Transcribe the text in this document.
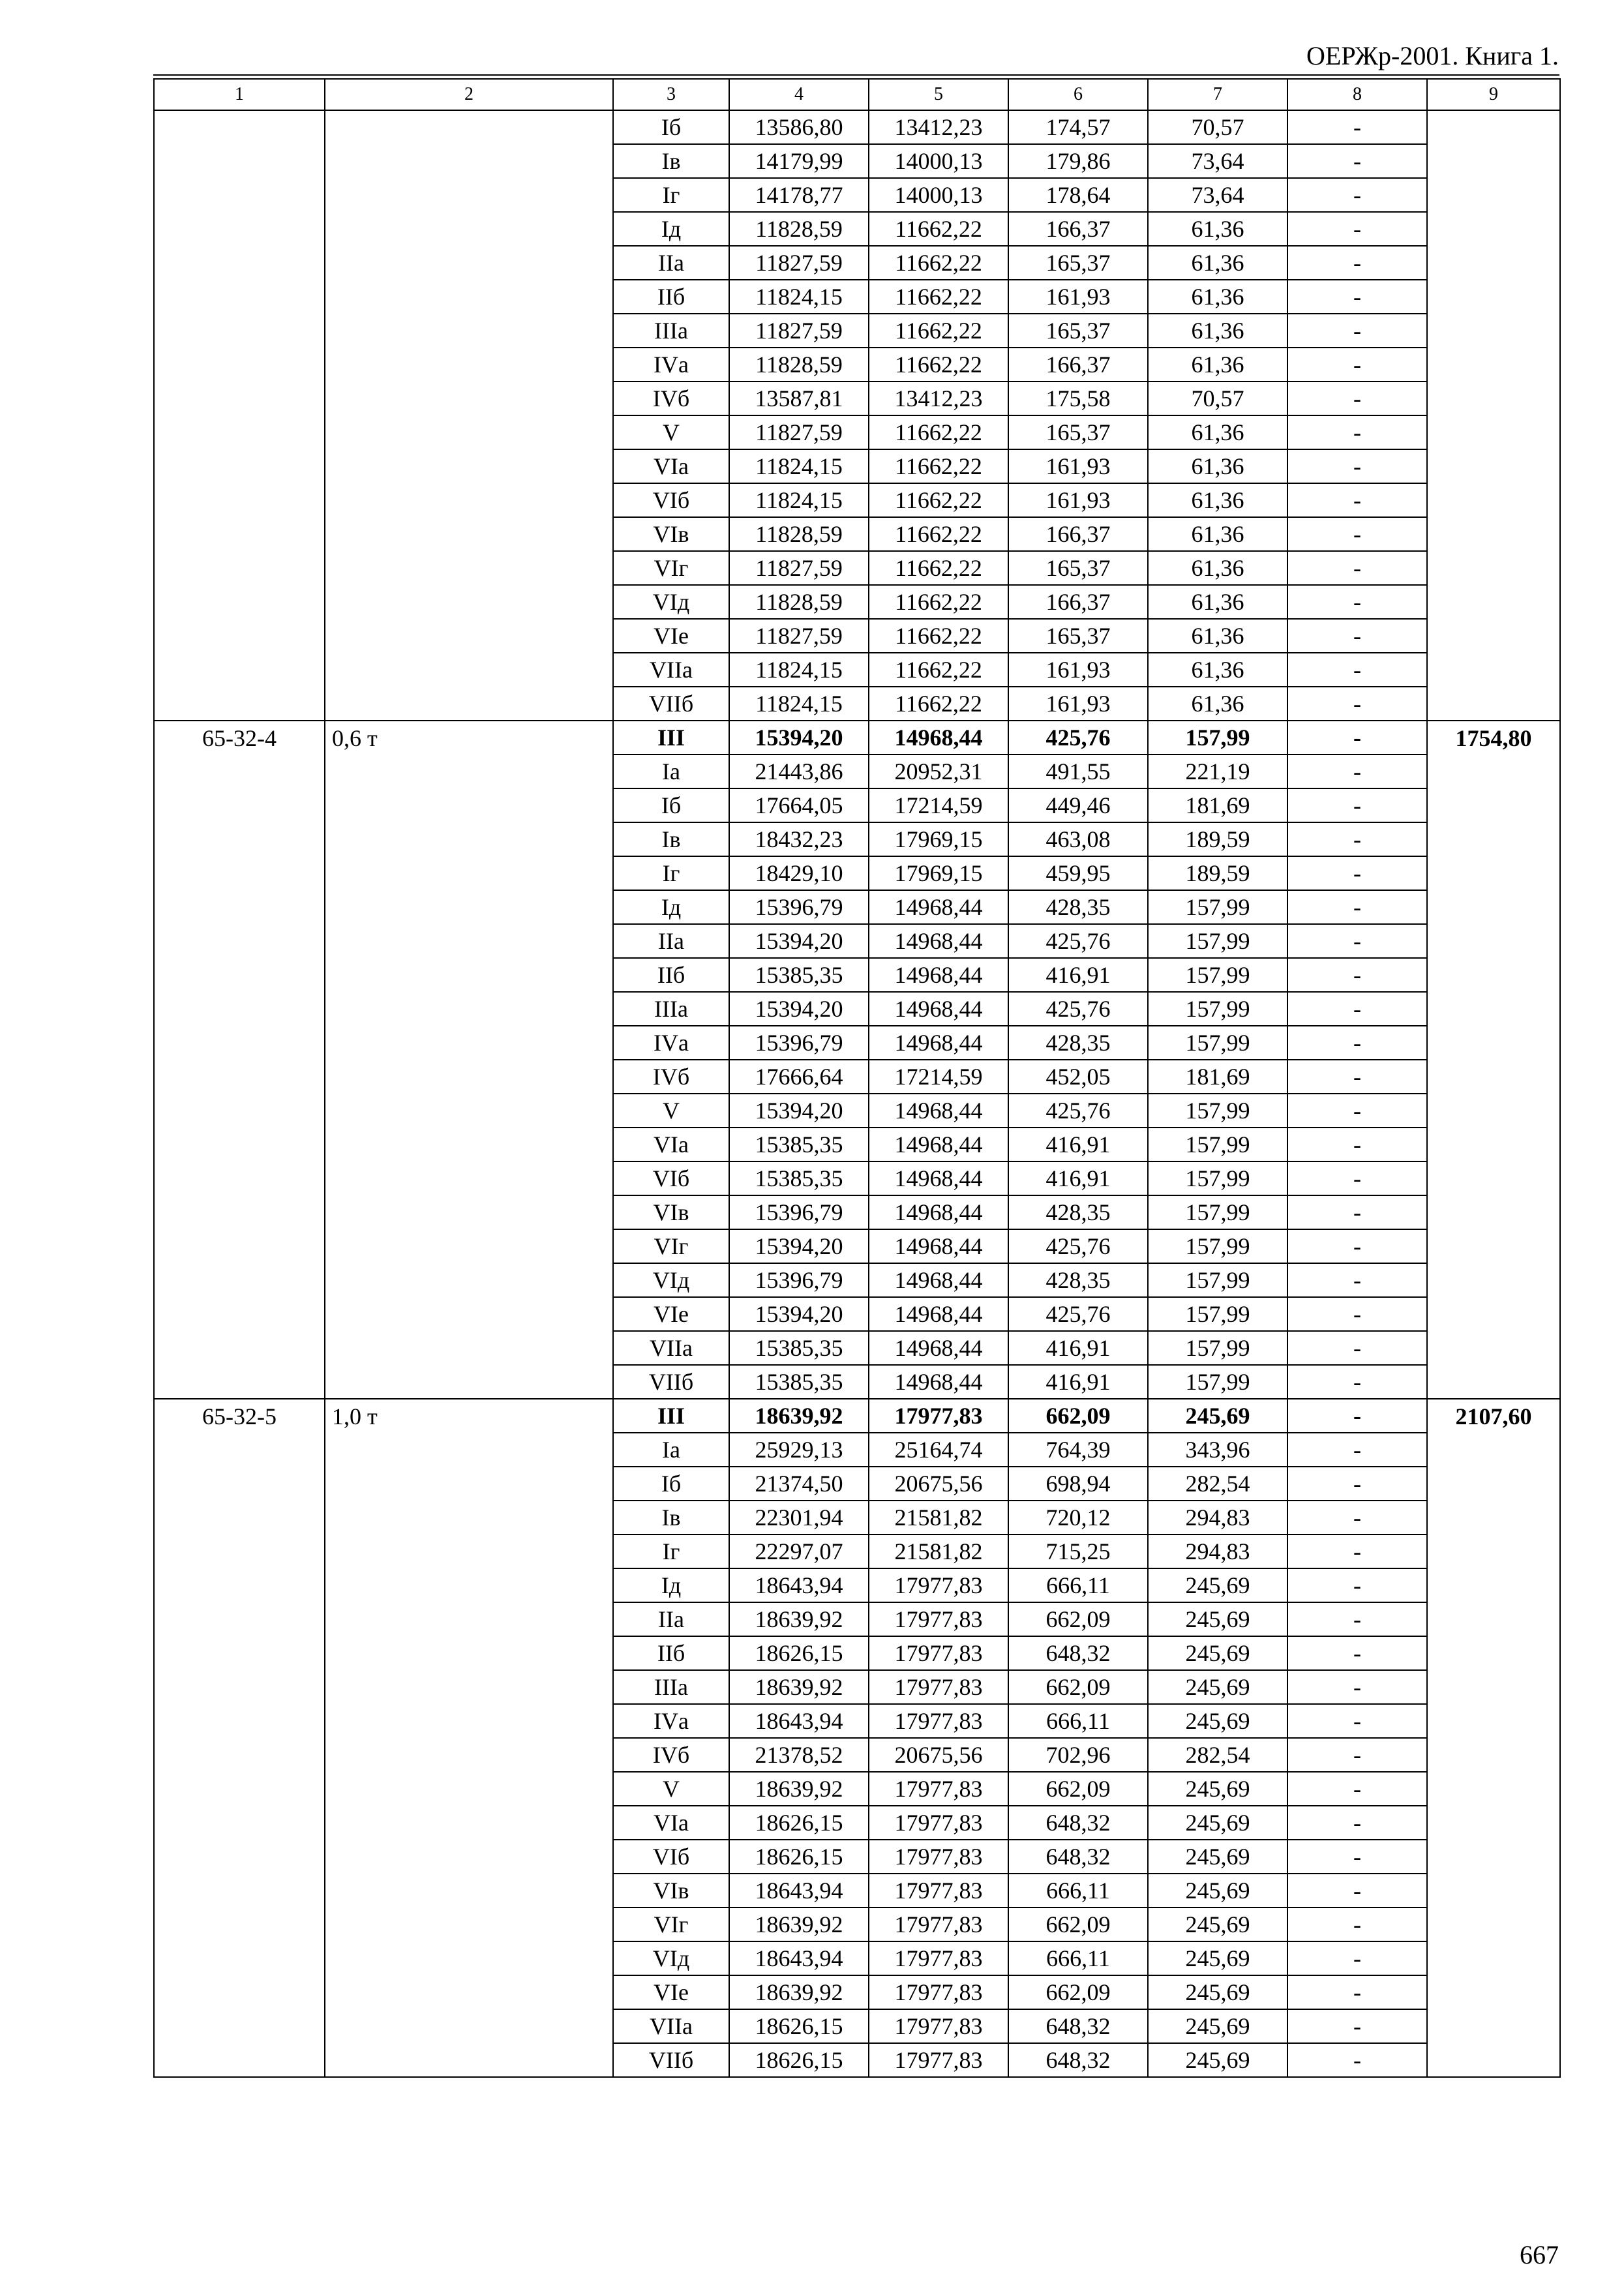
ОЕРЖр-2001. Книга 1.
1	2	3	4	5	6	7	8	9
		Iб	13586,80	13412,23	174,57	70,57	-	
		Iв	14179,99	14000,13	179,86	73,64	-	
		Iг	14178,77	14000,13	178,64	73,64	-	
		Iд	11828,59	11662,22	166,37	61,36	-	
		IIа	11827,59	11662,22	165,37	61,36	-	
		IIб	11824,15	11662,22	161,93	61,36	-	
		IIIа	11827,59	11662,22	165,37	61,36	-	
		IVа	11828,59	11662,22	166,37	61,36	-	
		IVб	13587,81	13412,23	175,58	70,57	-	
		V	11827,59	11662,22	165,37	61,36	-	
		VIа	11824,15	11662,22	161,93	61,36	-	
		VIб	11824,15	11662,22	161,93	61,36	-	
		VIв	11828,59	11662,22	166,37	61,36	-	
		VIг	11827,59	11662,22	165,37	61,36	-	
		VIд	11828,59	11662,22	166,37	61,36	-	
		VIе	11827,59	11662,22	165,37	61,36	-	
		VIIа	11824,15	11662,22	161,93	61,36	-	
		VIIб	11824,15	11662,22	161,93	61,36	-	
65-32-4	0,6 т	III	15394,20	14968,44	425,76	157,99	-	1754,80
		Iа	21443,86	20952,31	491,55	221,19	-	
		Iб	17664,05	17214,59	449,46	181,69	-	
		Iв	18432,23	17969,15	463,08	189,59	-	
		Iг	18429,10	17969,15	459,95	189,59	-	
		Iд	15396,79	14968,44	428,35	157,99	-	
		IIа	15394,20	14968,44	425,76	157,99	-	
		IIб	15385,35	14968,44	416,91	157,99	-	
		IIIа	15394,20	14968,44	425,76	157,99	-	
		IVа	15396,79	14968,44	428,35	157,99	-	
		IVб	17666,64	17214,59	452,05	181,69	-	
		V	15394,20	14968,44	425,76	157,99	-	
		VIа	15385,35	14968,44	416,91	157,99	-	
		VIб	15385,35	14968,44	416,91	157,99	-	
		VIв	15396,79	14968,44	428,35	157,99	-	
		VIг	15394,20	14968,44	425,76	157,99	-	
		VIд	15396,79	14968,44	428,35	157,99	-	
		VIе	15394,20	14968,44	425,76	157,99	-	
		VIIа	15385,35	14968,44	416,91	157,99	-	
		VIIб	15385,35	14968,44	416,91	157,99	-	
65-32-5	1,0 т	III	18639,92	17977,83	662,09	245,69	-	2107,60
		Iа	25929,13	25164,74	764,39	343,96	-	
		Iб	21374,50	20675,56	698,94	282,54	-	
		Iв	22301,94	21581,82	720,12	294,83	-	
		Iг	22297,07	21581,82	715,25	294,83	-	
		Iд	18643,94	17977,83	666,11	245,69	-	
		IIа	18639,92	17977,83	662,09	245,69	-	
		IIб	18626,15	17977,83	648,32	245,69	-	
		IIIа	18639,92	17977,83	662,09	245,69	-	
		IVа	18643,94	17977,83	666,11	245,69	-	
		IVб	21378,52	20675,56	702,96	282,54	-	
		V	18639,92	17977,83	662,09	245,69	-	
		VIа	18626,15	17977,83	648,32	245,69	-	
		VIб	18626,15	17977,83	648,32	245,69	-	
		VIв	18643,94	17977,83	666,11	245,69	-	
		VIг	18639,92	17977,83	662,09	245,69	-	
		VIд	18643,94	17977,83	666,11	245,69	-	
		VIе	18639,92	17977,83	662,09	245,69	-	
		VIIа	18626,15	17977,83	648,32	245,69	-	
		VIIб	18626,15	17977,83	648,32	245,69	-	
667
